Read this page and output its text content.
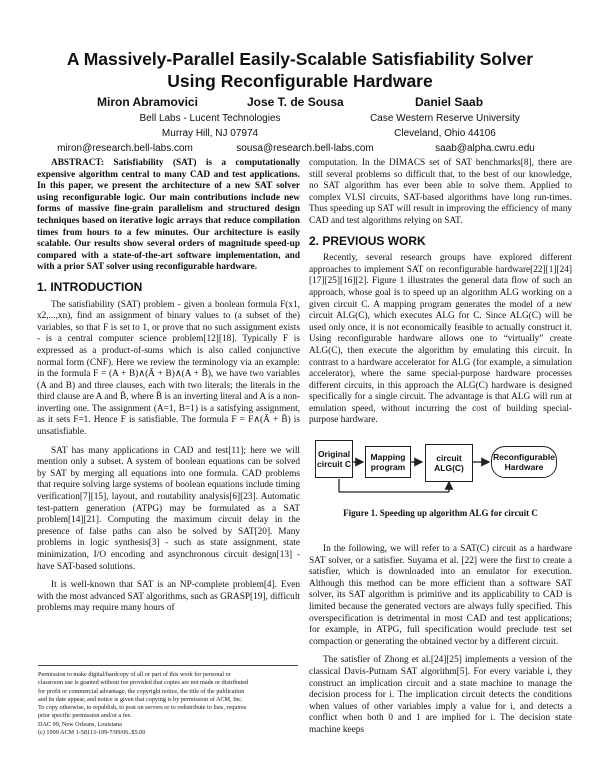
A Massively-Parallel Easily-Scalable Satisfiability Solver
Using Reconfigurable Hardware
Miron Abramovici	Jose T. de Sousa	Daniel Saab
Bell Labs - Lucent Technologies
Murray Hill, NJ 07974
Case Western Reserve University
Cleveland, Ohio 44106
miron@research.bell-labs.com	sousa@research.bell-labs.com	saab@alpha.cwru.edu

ABSTRACT: Satisfiability (SAT) is a computationally expensive algorithm central to many CAD and test applications. In this paper, we present the architecture of a new SAT solver using reconfigurable logic. Our main contributions include new forms of massive fine-grain parallelism and structured design techniques based on iterative logic arrays that reduce compilation times from hours to a few minutes. Our architecture is easily scalable. Our results show several orders of magnitude speed-up compared with a state-of-the-art software implementation, and with a prior SAT solver using reconfigurable hardware.

1. INTRODUCTION

The satisfiability (SAT) problem - given a boolean formula F(x1, x2,...,xn), find an assignment of binary values to (a subset of the) variables, so that F is set to 1, or prove that no such assignment exists - is a central computer science problem[12][18]. Typically F is expressed as a product-of-sums which is also called conjunctive normal form (CNF). Here we review the terminology via an example: in the formula F = (A + B)∧(Ā + B)∧(A + B̄), we have two variables (A and B) and three clauses, each with two literals; the literals in the third clause are A and B̄, where B̄ is an inverting literal and A is a non-inverting one. The assignment (A=1, B=1) is a satisfying assignment, as it sets F=1. Hence F is satisfiable. The formula F = F∧(Ā + B̄) is unsatisfiable.

SAT has many applications in CAD and test[11]; here we will mention only a subset. A system of boolean equations can be solved by SAT by merging all equations into one formula. CAD problems that require solving large systems of boolean equations include timing verification[7][15], layout, and routability analysis[6][23]. Automatic test-pattern generation (ATPG) may be formulated as a SAT problem[14][21]. Computing the maximum circuit delay in the presence of false paths can also be solved by SAT[20]. Many problems in logic synthesis[3] - such as state assignment, state minimization, I/O encoding and asynchronous circuit design[13] - have SAT-based solutions.

It is well-known that SAT is an NP-complete problem[4]. Even with the most advanced SAT algorithms, such as GRASP[19], difficult problems may require many hours of

computation. In the DIMACS set of SAT benchmarks[8], there are still several problems so difficult that, to the best of our knowledge, no SAT algorithm has ever been able to solve them. Applied to complex VLSI circuits, SAT-based algorithms have long run-times. Thus speeding up SAT will result in improving the efficiency of many CAD and test algorithms relying on SAT.

2. PREVIOUS WORK

Recently, several research groups have explored different approaches to implement SAT on reconfigurable hardware[22][1][24][17][25][16][2]. Figure 1 illustrates the general data flow of such an approach, whose goal is to speed up an algorithm ALG working on a given circuit C. A mapping program generates the model of a new circuit ALG(C), which executes ALG for C. Since ALG(C) will be used only once, it is not economically feasible to actually construct it. Using reconfigurable hardware allows one to “virtually” create ALG(C), then execute the algorithm by emulating this circuit. In contrast to a hardware accelerator for ALG (for example, a simulation accelerator), where the same special-purpose hardware processes different circuits, in this approach the ALG(C) hardware is designed specifically for a single circuit. The advantage is that ALG will run at emulation speed, without incurring the cost of building special-purpose hardware.

Original circuit C
Mapping program
circuit ALG(C)
Reconfigurable Hardware
Figure 1. Speeding up algorithm ALG for circuit C

In the following, we will refer to a SAT(C) circuit as a hardware SAT solver, or a satisfier. Suyama et al. [22] were the first to create a satisfier, which is downloaded into an emulator for execution. Although this method can be more efficient than a software SAT solver, its SAT algorithm is primitive and its applicability to CAD is limited because the generated vectors are always fully specified. This overspecification is detrimental in most CAD and test applications; for example, in ATPG, full specification would preclude test set compaction or generating the obtained vector by a different circuit.

The satisfier of Zhong et al.[24][25] implements a version of the classical Davis-Putnam SAT algorithm[5]. For every variable i, they construct an implication circuit and a state machine to manage the decision process for i. The implication circuit detects the conditions when values of other variables imply a value for i, and detects a conflict when both 0 and 1 are implied for i. The decision state machine keeps

Permission to make digital/hardcopy of all or part of this work for personal or
classroom use is granted without fee provided that copies are not made or distributed
for profit or commercial advantage, the copyright notice, the title of the publication
and its date appear, and notice is given that copying is by permission of ACM, Inc.
To copy otherwise, to republish, to post on servers or to redistribute to lists, requires
prior specific permission and/or a fee.
DAC 99, New Orleans, Louisiana
(c) 1999 ACM 1-58113-109-7/99/06..$5.00
